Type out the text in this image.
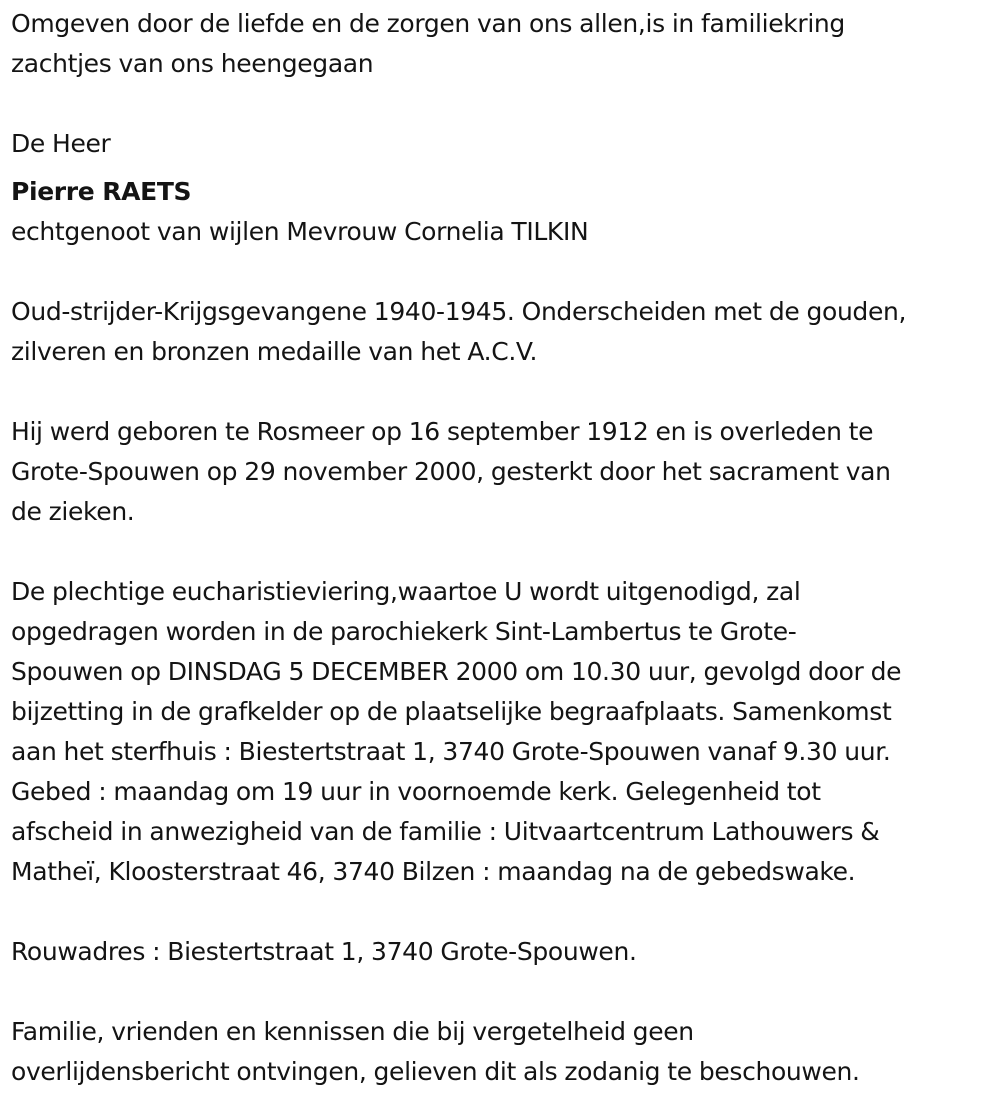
Omgeven door de liefde en de zorgen van ons allen,is in familiekring
zachtjes van ons heengegaan

De Heer

Pierre RAETS

echtgenoot van wijlen Mevrouw Cornelia TILKIN

Oud-strijder-Krijgsgevangene 1940-1945. Onderscheiden met de gouden,
zilveren en bronzen medaille van het A.C.V.

Hij werd geboren te Rosmeer op 16 september 1912 en is overleden te
Grote-Spouwen op 29 november 2000, gesterkt door het sacrament van
de zieken.

De plechtige eucharistieviering,waartoe U wordt uitgenodigd, zal
opgedragen worden in de parochiekerk Sint-Lambertus te Grote-
Spouwen op DINSDAG 5 DECEMBER 2000 om 10.30 uur, gevolgd door de
bijzetting in de grafkelder op de plaatselijke begraafplaats. Samenkomst
aan het sterfhuis : Biestertstraat 1, 3740 Grote-Spouwen vanaf 9.30 uur.
Gebed : maandag om 19 uur in voornoemde kerk. Gelegenheid tot
afscheid in anwezigheid van de familie : Uitvaartcentrum Lathouwers &
Matheï, Kloosterstraat 46, 3740 Bilzen : maandag na de gebedswake.

Rouwadres : Biestertstraat 1, 3740 Grote-Spouwen.

Familie, vrienden en kennissen die bij vergetelheid geen
overlijdensbericht ontvingen, gelieven dit als zodanig te beschouwen.
